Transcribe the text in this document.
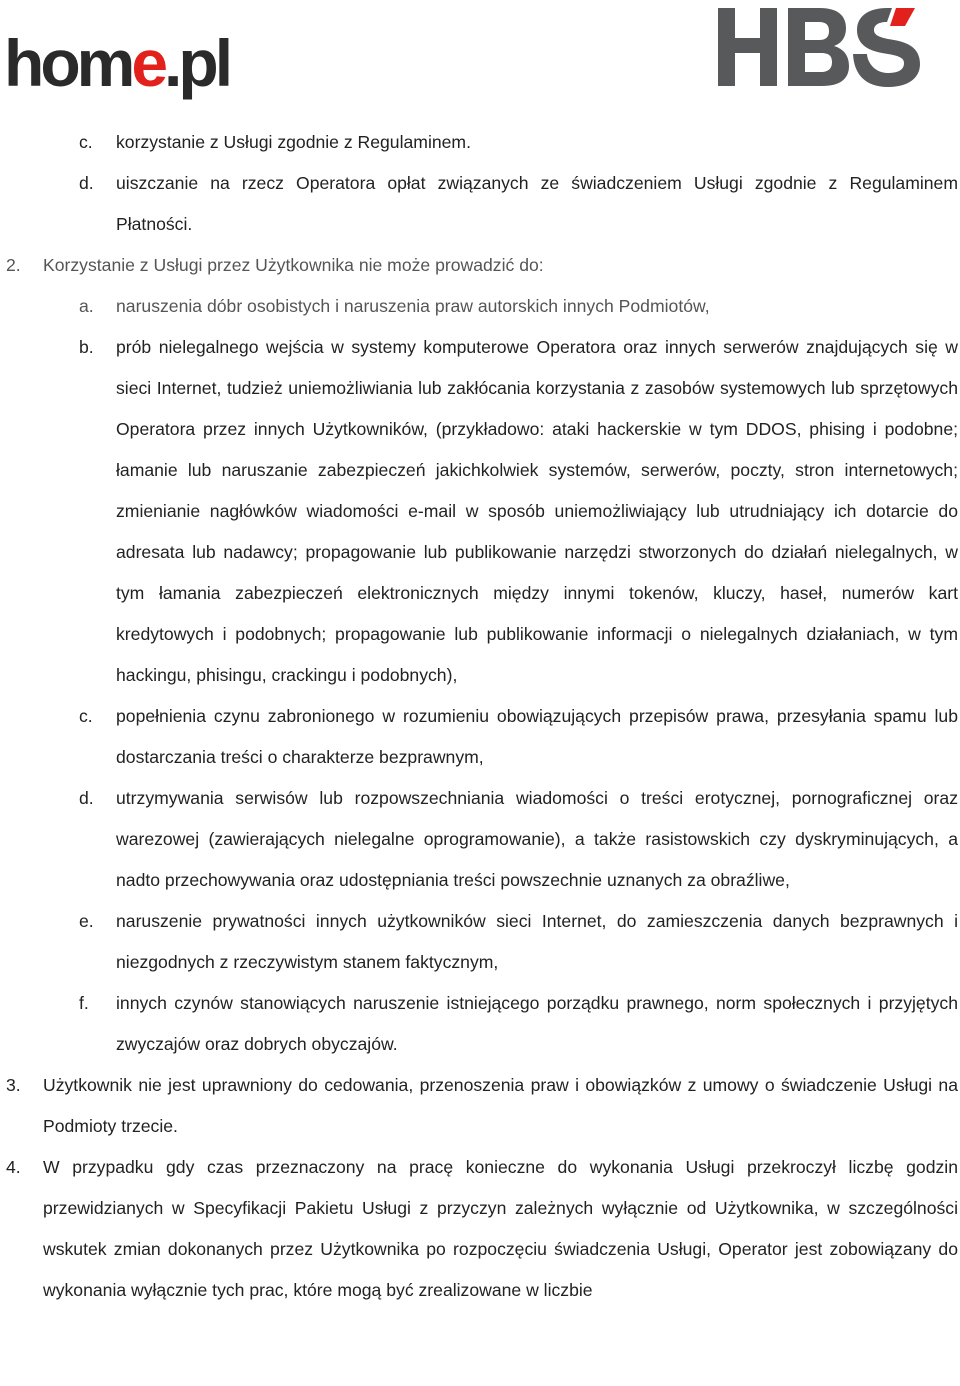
home.pl

c. korzystanie z Usługi zgodnie z Regulaminem.

d. uiszczanie na rzecz Operatora opłat związanych ze świadczeniem Usługi zgodnie z Regulaminem Płatności.

2. Korzystanie z Usługi przez Użytkownika nie może prowadzić do:

a. naruszenia dóbr osobistych i naruszenia praw autorskich innych Podmiotów,

b. prób nielegalnego wejścia w systemy komputerowe Operatora oraz innych serwerów znajdujących się w sieci Internet, tudzież uniemożliwiania lub zakłócania korzystania z zasobów systemowych lub sprzętowych Operatora przez innych Użytkowników, (przykładowo: ataki hackerskie w tym DDOS, phising i podobne; łamanie lub naruszanie zabezpieczeń jakichkolwiek systemów, serwerów, poczty, stron internetowych; zmienianie nagłówków wiadomości e-mail w sposób uniemożliwiający lub utrudniający ich dotarcie do adresata lub nadawcy; propagowanie lub publikowanie narzędzi stworzonych do działań nielegalnych, w tym łamania zabezpieczeń elektronicznych między innymi tokenów, kluczy, haseł, numerów kart kredytowych i podobnych; propagowanie lub publikowanie informacji o nielegalnych działaniach, w tym hackingu, phisingu, crackingu i podobnych),

c. popełnienia czynu zabronionego w rozumieniu obowiązujących przepisów prawa, przesyłania spamu lub dostarczania treści o charakterze bezprawnym,

d. utrzymywania serwisów lub rozpowszechniania wiadomości o treści erotycznej, pornograficznej oraz warezowej (zawierających nielegalne oprogramowanie), a także rasistowskich czy dyskryminujących, a nadto przechowywania oraz udostępniania treści powszechnie uznanych za obraźliwe,

e. naruszenie prywatności innych użytkowników sieci Internet, do zamieszczenia danych bezprawnych i niezgodnych z rzeczywistym stanem faktycznym,

f. innych czynów stanowiących naruszenie istniejącego porządku prawnego, norm społecznych i przyjętych zwyczajów oraz dobrych obyczajów.

3. Użytkownik nie jest uprawniony do cedowania, przenoszenia praw i obowiązków z umowy o świadczenie Usługi na Podmioty trzecie.

4. W przypadku gdy czas przeznaczony na pracę konieczne do wykonania Usługi przekroczył liczbę godzin przewidzianych w Specyfikacji Pakietu Usługi z przyczyn zależnych wyłącznie od Użytkownika, w szczególności wskutek zmian dokonanych przez Użytkownika po rozpoczęciu świadczenia Usługi, Operator jest zobowiązany do wykonania wyłącznie tych prac, które mogą być zrealizowane w liczbie
